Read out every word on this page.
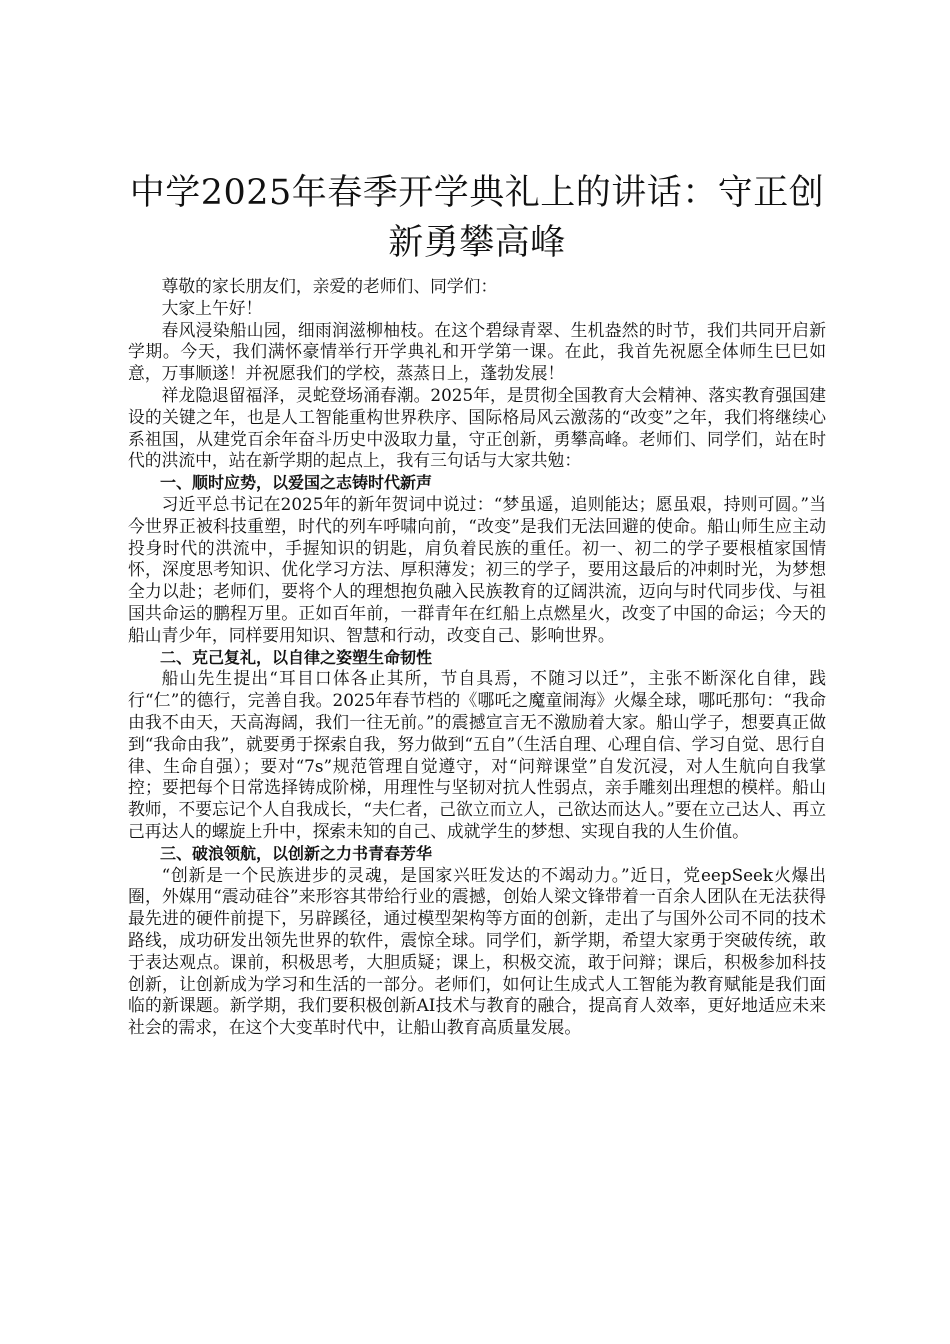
中学2025年春季开学典礼上的讲话：守正创新勇攀高峰

尊敬的家长朋友们，亲爱的老师们、同学们：

大家上午好！

春风浸染船山园，细雨润滋柳柚枝。在这个碧绿青翠、生机盎然的时节，我们共同开启新学期。今天，我们满怀豪情举行开学典礼和开学第一课。在此，我首先祝愿全体师生巳巳如意，万事顺遂！并祝愿我们的学校，蒸蒸日上，蓬勃发展！

祥龙隐退留福泽，灵蛇登场涌春潮。2025年，是贯彻全国教育大会精神、落实教育强国建设的关键之年，也是人工智能重构世界秩序、国际格局风云激荡的“改变”之年，我们将继续心系祖国，从建党百余年奋斗历史中汲取力量，守正创新，勇攀高峰。老师们、同学们，站在时代的洪流中，站在新学期的起点上，我有三句话与大家共勉：

一、顺时应势，以爱国之志铸时代新声

习近平总书记在2025年的新年贺词中说过：“梦虽遥，追则能达；愿虽艰，持则可圆。”当今世界正被科技重塑，时代的列车呼啸向前，“改变”是我们无法回避的使命。船山师生应主动投身时代的洪流中，手握知识的钥匙，肩负着民族的重任。初一、初二的学子要根植家国情怀，深度思考知识、优化学习方法、厚积薄发；初三的学子，要用这最后的冲刺时光，为梦想全力以赴；老师们，要将个人的理想抱负融入民族教育的辽阔洪流，迈向与时代同步伐、与祖国共命运的鹏程万里。正如百年前，一群青年在红船上点燃星火，改变了中国的命运；今天的船山青少年，同样要用知识、智慧和行动，改变自己、影响世界。

二、克己复礼，以自律之姿塑生命韧性

船山先生提出“耳目口体各止其所，节自具焉，不随习以迁”，主张不断深化自律，践行“仁”的德行，完善自我。2025年春节档的《哪吒之魔童闹海》火爆全球，哪吒那句：“我命由我不由天，天高海阔，我们一往无前。”的震撼宣言无不激励着大家。船山学子，想要真正做到“我命由我”，就要勇于探索自我，努力做到“五自”（生活自理、心理自信、学习自觉、思行自律、生命自强）；要对“7s”规范管理自觉遵守，对“问辩课堂”自发沉浸，对人生航向自我掌控；要把每个日常选择铸成阶梯，用理性与坚韧对抗人性弱点，亲手雕刻出理想的模样。船山教师，不要忘记个人自我成长，“夫仁者，己欲立而立人，己欲达而达人。”要在立己达人、再立己再达人的螺旋上升中，探索未知的自己、成就学生的梦想、实现自我的人生价值。

三、破浪领航，以创新之力书青春芳华

“创新是一个民族进步的灵魂，是国家兴旺发达的不竭动力。”近日，党eepSeek火爆出圈，外媒用“震动硅谷”来形容其带给行业的震撼，创始人梁文锋带着一百余人团队在无法获得最先进的硬件前提下，另辟蹊径，通过模型架构等方面的创新，走出了与国外公司不同的技术路线，成功研发出领先世界的软件，震惊全球。同学们，新学期，希望大家勇于突破传统，敢于表达观点。课前，积极思考，大胆质疑；课上，积极交流，敢于问辩；课后，积极参加科技创新，让创新成为学习和生活的一部分。老师们，如何让生成式人工智能为教育赋能是我们面临的新课题。新学期，我们要积极创新AI技术与教育的融合，提高育人效率，更好地适应未来社会的需求，在这个大变革时代中，让船山教育高质量发展。
